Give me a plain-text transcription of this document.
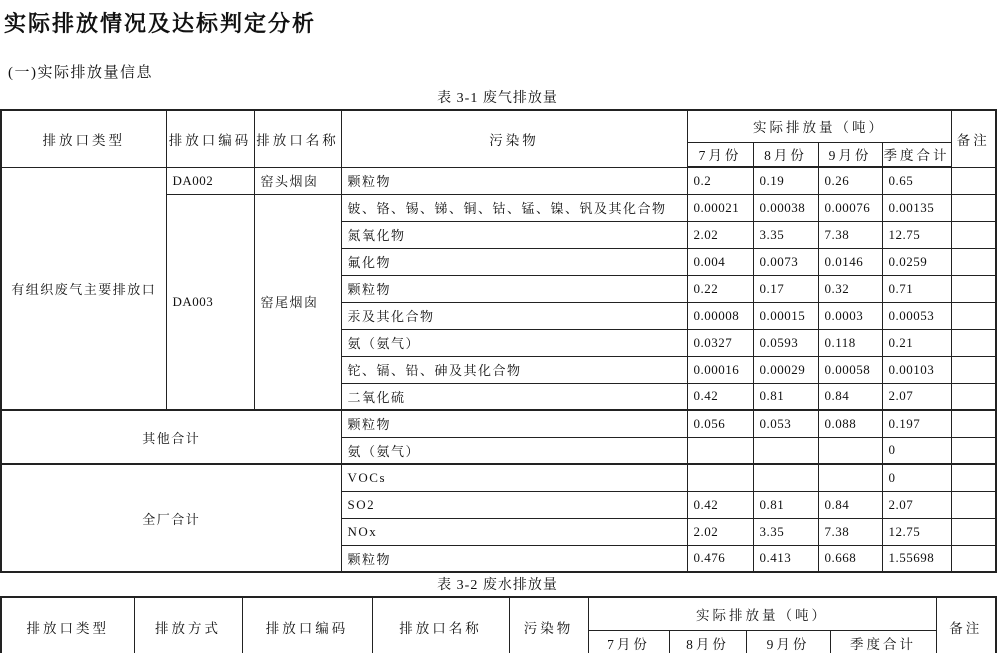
实际排放情况及达标判定分析
(一)实际排放量信息
表 3-1 废气排放量
排放口类型	排放口编码	排放口名称	污染物	实际排放量（吨）				备注
				7月份	8月份	9月份	季度合计	
有组织废气主要排放口	DA002	窑头烟囱	颗粒物	0.2	0.19	0.26	0.65	
	DA003	窑尾烟囱	铍、铬、锡、锑、铜、钴、锰、镍、钒及其化合物	0.00021	0.00038	0.00076	0.00135	
			氮氧化物	2.02	3.35	7.38	12.75	
			氟化物	0.004	0.0073	0.0146	0.0259	
			颗粒物	0.22	0.17	0.32	0.71	
			汞及其化合物	0.00008	0.00015	0.0003	0.00053	
			氨（氨气）	0.0327	0.0593	0.118	0.21	
			铊、镉、铅、砷及其化合物	0.00016	0.00029	0.00058	0.00103	
			二氧化硫	0.42	0.81	0.84	2.07	
其他合计			颗粒物	0.056	0.053	0.088	0.197	
			氨（氨气）				0	
全厂合计			VOCs				0	
			SO2	0.42	0.81	0.84	2.07	
			NOx	2.02	3.35	7.38	12.75	
			颗粒物	0.476	0.413	0.668	1.55698	
表 3-2 废水排放量
排放口类型	排放方式	排放口编码	排放口名称	污染物	实际排放量（吨）				备注
					7月份	8月份	9月份	季度合计	
